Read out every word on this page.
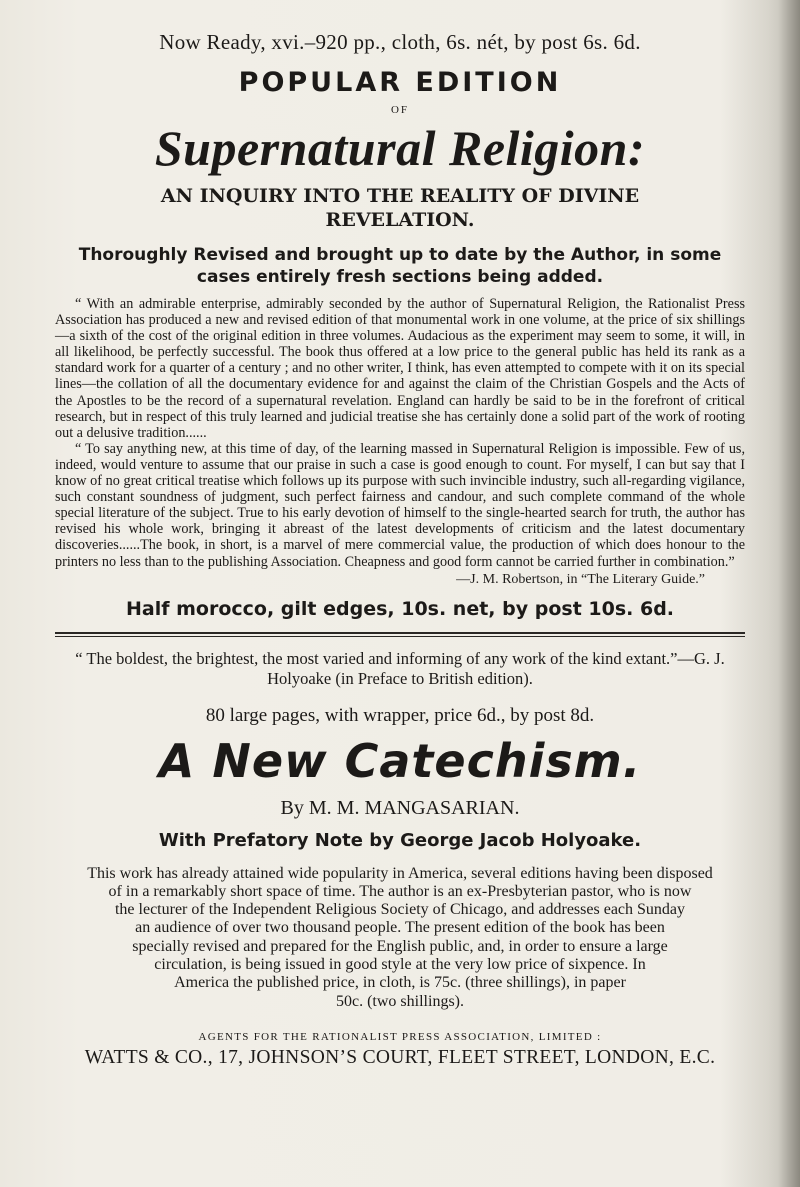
Now Ready, xvi.–920 pp., cloth, 6s. nét, by post 6s. 6d.

POPULAR EDITION

OF

Supernatural Religion:

AN INQUIRY INTO THE REALITY OF DIVINE REVELATION.

Thoroughly Revised and brought up to date by the Author, in some cases entirely fresh sections being added.

“ With an admirable enterprise, admirably seconded by the author of Supernatural Religion, the Rationalist Press Association has produced a new and revised edition of that monumental work in one volume, at the price of six shillings—a sixth of the cost of the original edition in three volumes. Audacious as the experiment may seem to some, it will, in all likelihood, be perfectly successful. The book thus offered at a low price to the general public has held its rank as a standard work for a quarter of a century ; and no other writer, I think, has even attempted to compete with it on its special lines—the collation of all the documentary evidence for and against the claim of the Christian Gospels and the Acts of the Apostles to be the record of a supernatural revelation. England can hardly be said to be in the forefront of critical research, but in respect of this truly learned and judicial treatise she has certainly done a solid part of the work of rooting out a delusive tradition......

“ To say anything new, at this time of day, of the learning massed in Supernatural Religion is impossible. Few of us, indeed, would venture to assume that our praise in such a case is good enough to count. For myself, I can but say that I know of no great critical treatise which follows up its purpose with such invincible industry, such all-regarding vigilance, such constant soundness of judgment, such perfect fairness and candour, and such complete command of the whole special literature of the subject. True to his early devotion of himself to the single-hearted search for truth, the author has revised his whole work, bringing it abreast of the latest developments of criticism and the latest documentary discoveries......The book, in short, is a marvel of mere commercial value, the production of which does honour to the printers no less than to the publishing Association. Cheapness and good form cannot be carried further in combination.”

—J. M. Robertson, in “The Literary Guide.”

Half morocco, gilt edges, 10s. net, by post 10s. 6d.

“ The boldest, the brightest, the most varied and informing of any work of the kind extant.”—G. J. Holyoake (in Preface to British edition).

80 large pages, with wrapper, price 6d., by post 8d.

A New Catechism.

By M. M. MANGASARIAN.

With Prefatory Note by George Jacob Holyoake.

This work has already attained wide popularity in America, several editions having been disposed
of in a remarkably short space of time. The author is an ex-Presbyterian pastor, who is now
the lecturer of the Independent Religious Society of Chicago, and addresses each Sunday
an audience of over two thousand people. The present edition of the book has been
specially revised and prepared for the English public, and, in order to ensure a large
circulation, is being issued in good style at the very low price of sixpence. In
America the published price, in cloth, is 75c. (three shillings), in paper
50c. (two shillings).

AGENTS FOR THE RATIONALIST PRESS ASSOCIATION, LIMITED :

WATTS & CO., 17, JOHNSON’S COURT, FLEET STREET, LONDON, E.C.
